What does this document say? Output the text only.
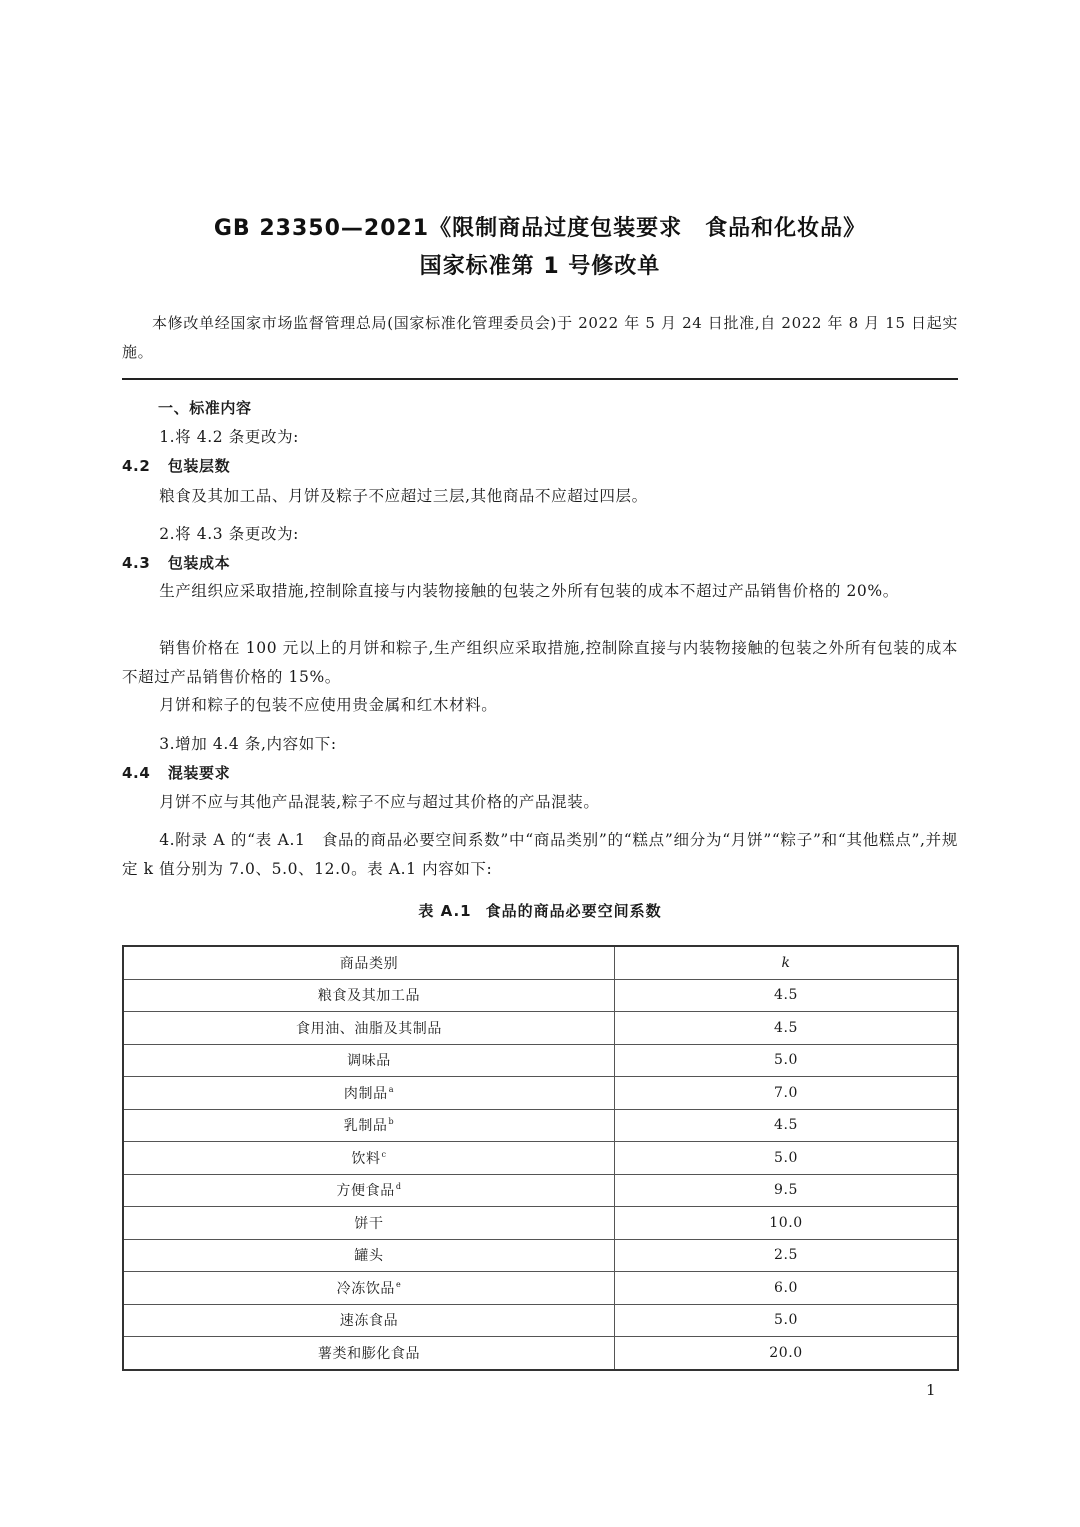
GB 23350—2021《限制商品过度包装要求　食品和化妆品》
国家标准第 1 号修改单
本修改单经国家市场监督管理总局(国家标准化管理委员会)于 2022 年 5 月 24 日批准,自 2022 年 8 月 15 日起实施。
一、标准内容
1.将 4.2 条更改为:
4.2 包装层数
粮食及其加工品、月饼及粽子不应超过三层,其他商品不应超过四层。
2.将 4.3 条更改为:
4.3 包装成本
生产组织应采取措施,控制除直接与内装物接触的包装之外所有包装的成本不超过产品销售价格的 20%。
销售价格在 100 元以上的月饼和粽子,生产组织应采取措施,控制除直接与内装物接触的包装之外所有包装的成本不超过产品销售价格的 15%。
月饼和粽子的包装不应使用贵金属和红木材料。
3.增加 4.4 条,内容如下:
4.4 混装要求
月饼不应与其他产品混装,粽子不应与超过其价格的产品混装。
4.附录 A 的“表 A.1　食品的商品必要空间系数”中“商品类别”的“糕点”细分为“月饼”“粽子”和“其他糕点”,并规定 k 值分别为 7.0、5.0、12.0。表 A.1 内容如下:
表 A.1 食品的商品必要空间系数
商品类别	k
粮食及其加工品	4.5
食用油、油脂及其制品	4.5
调味品	5.0
肉制品$^a$	7.0
乳制品$^b$	4.5
饮料$^c$	5.0
方便食品$^d$	9.5
饼干	10.0
罐头	2.5
冷冻饮品$^e$	6.0
速冻食品	5.0
薯类和膨化食品	20.0
1
